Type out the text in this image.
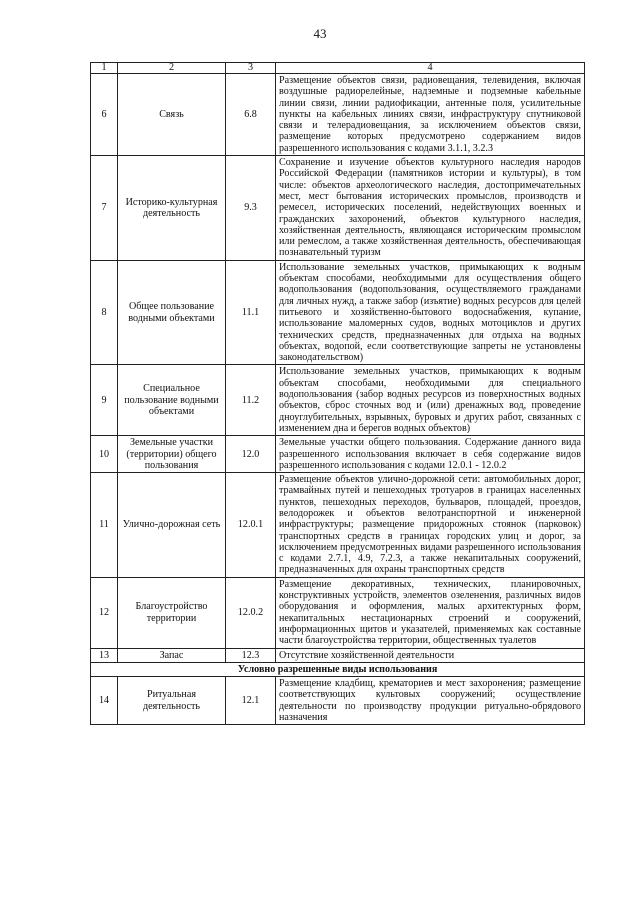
43
1	2	3	4
6	Связь	6.8	Размещение объектов связи, радиовещания, телевидения, включая воздушные радиорелейные, надземные и подземные кабельные линии связи, линии радиофикации, антенные поля, усилительные пункты на кабельных линиях связи, инфраструктуру спутниковой связи и телерадиовещания, за исключением объектов связи, размещение которых предусмотрено содержанием видов разрешенного использования с кодами 3.1.1, 3.2.3
7	Историко-культурная деятельность	9.3	Сохранение и изучение объектов культурного наследия народов Российской Федерации (памятников истории и культуры), в том числе: объектов археологического наследия, достопримечательных мест, мест бытования исторических промыслов, производств и ремесел, исторических поселений, недействующих военных и гражданских захоронений, объектов культурного наследия, хозяйственная деятельность, являющаяся историческим промыслом или ремеслом, а также хозяйственная деятельность, обеспечивающая познавательный туризм
8	Общее пользование водными объектами	11.1	Использование земельных участков, примыкающих к водным объектам способами, необходимыми для осуществления общего водопользования (водопользования, осуществляемого гражданами для личных нужд, а также забор (изъятие) водных ресурсов для целей питьевого и хозяйственно-бытового водоснабжения, купание, использование маломерных судов, водных мотоциклов и других технических средств, предназначенных для отдыха на водных объектах, водопой, если соответствующие запреты не установлены законодательством)
9	Специальное пользование водными объектами	11.2	Использование земельных участков, примыкающих к водным объектам способами, необходимыми для специального водопользования (забор водных ресурсов из поверхностных водных объектов, сброс сточных вод и (или) дренажных вод, проведение дноуглубительных, взрывных, буровых и других работ, связанных с изменением дна и берегов водных объектов)
10	Земельные участки (территории) общего пользования	12.0	Земельные участки общего пользования. Содержание данного вида разрешенного использования включает в себя содержание видов разрешенного использования с кодами 12.0.1 - 12.0.2
11	Улично-дорожная сеть	12.0.1	Размещение объектов улично-дорожной сети: автомобильных дорог, трамвайных путей и пешеходных тротуаров в границах населенных пунктов, пешеходных переходов, бульваров, площадей, проездов, велодорожек и объектов велотранспортной и инженерной инфраструктуры; размещение придорожных стоянок (парковок) транспортных средств в границах городских улиц и дорог, за исключением предусмотренных видами разрешенного использования с кодами 2.7.1, 4.9, 7.2.3, а также некапитальных сооружений, предназначенных для охраны транспортных средств
12	Благоустройство территории	12.0.2	Размещение декоративных, технических, планировочных, конструктивных устройств, элементов озеленения, различных видов оборудования и оформления, малых архитектурных форм, некапитальных нестационарных строений и сооружений, информационных щитов и указателей, применяемых как составные части благоустройства территории, общественных туалетов
13	Запас	12.3	Отсутствие хозяйственной деятельности
Условно разрешенные виды использования			
14	Ритуальная деятельность	12.1	Размещение кладбищ, крематориев и мест захоронения; размещение соответствующих культовых сооружений; осуществление деятельности по производству продукции ритуально-обрядового назначения
